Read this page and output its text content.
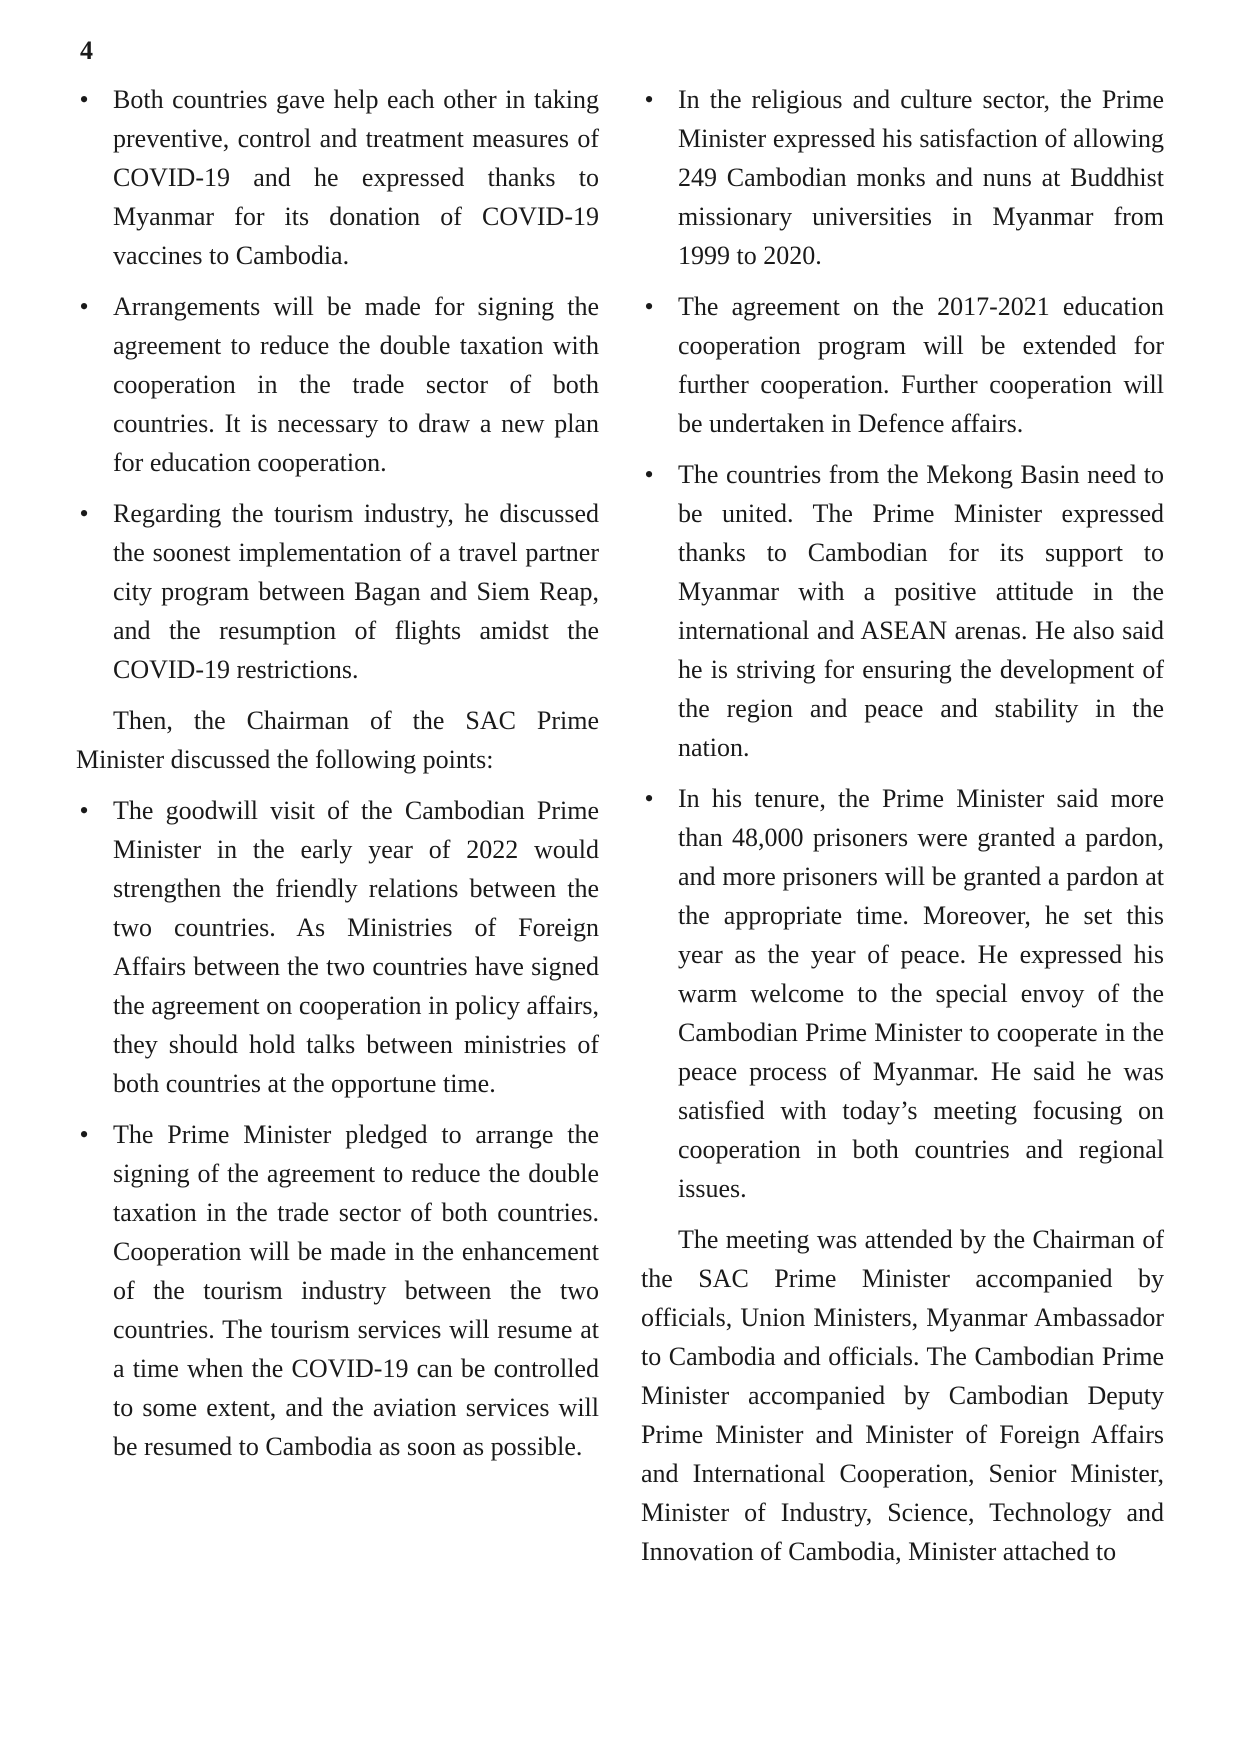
4
• Both countries gave help each other in taking preventive, control and treatment measures of COVID-19 and he expressed thanks to Myanmar for its donation of COVID-19 vaccines to Cambodia.
• Arrangements will be made for signing the agreement to reduce the double taxation with cooperation in the trade sector of both countries. It is necessary to draw a new plan for education cooperation.
• Regarding the tourism industry, he discussed the soonest implementation of a travel partner city program between Bagan and Siem Reap, and the resumption of flights amidst the COVID-19 restrictions.

Then, the Chairman of the SAC Prime Minister discussed the following points:

• The goodwill visit of the Cambodian Prime Minister in the early year of 2022 would strengthen the friendly relations between the two countries. As Ministries of Foreign Affairs between the two countries have signed the agreement on cooperation in policy affairs, they should hold talks between ministries of both countries at the opportune time.
• The Prime Minister pledged to arrange the signing of the agreement to reduce the double taxation in the trade sector of both countries. Cooperation will be made in the enhancement of the tourism industry between the two countries. The tourism services will resume at a time when the COVID-19 can be controlled to some extent, and the aviation services will be resumed to Cambodia as soon as possible.
• In the religious and culture sector, the Prime Minister expressed his satisfaction of allowing 249 Cambodian monks and nuns at Buddhist missionary universities in Myanmar from 1999 to 2020.
• The agreement on the 2017-2021 education cooperation program will be extended for further cooperation. Further cooperation will be undertaken in Defence affairs.
• The countries from the Mekong Basin need to be united. The Prime Minister expressed thanks to Cambodian for its support to Myanmar with a positive attitude in the international and ASEAN arenas. He also said he is striving for ensuring the development of the region and peace and stability in the nation.
• In his tenure, the Prime Minister said more than 48,000 prisoners were granted a pardon, and more prisoners will be granted a pardon at the appropriate time. Moreover, he set this year as the year of peace. He expressed his warm welcome to the special envoy of the Cambodian Prime Minister to cooperate in the peace process of Myanmar. He said he was satisfied with today’s meeting focusing on cooperation in both countries and regional issues.

The meeting was attended by the Chairman of the SAC Prime Minister accompanied by officials, Union Ministers, Myanmar Ambassador to Cambodia and officials. The Cambodian Prime Minister accompanied by Cambodian Deputy Prime Minister and Minister of Foreign Affairs and International Cooperation, Senior Minister, Minister of Industry, Science, Technology and Innovation of Cambodia, Minister attached to
